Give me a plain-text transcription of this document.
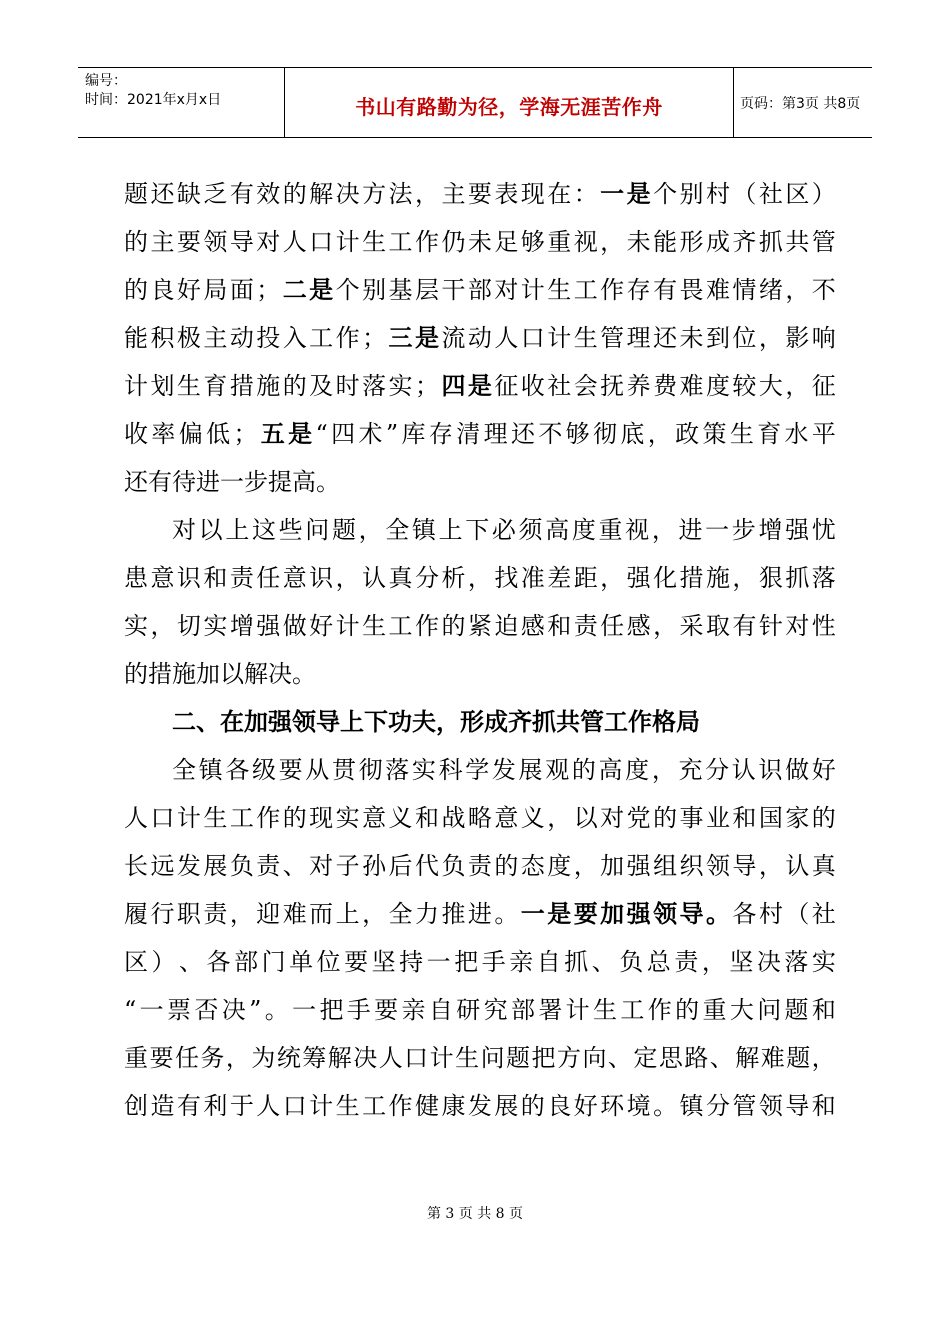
编号：
时间：2021年x月x日	书山有路勤为径，学海无涯苦作舟	页码：第3页 共8页
题 还 缺 乏 有 效 的 解 决 方 法 ， 主 要 表 现 在 ： 一 是 个 别 村 （ 社 区 ）
的 主 要 领 导 对 人 口 计 生 工 作 仍 未 足 够 重 视 ， 未 能 形 成 齐 抓 共 管
的 良 好 局 面 ； 二 是 个 别 基 层 干 部 对 计 生 工 作 存 有 畏 难 情 绪 ， 不
能 积 极 主 动 投 入 工 作 ； 三 是 流 动 人 口 计 生 管 理 还 未 到 位 ， 影 响
计 划 生 育 措 施 的 及 时 落 实 ； 四 是 征 收 社 会 抚 养 费 难 度 较 大 ， 征
收 率 偏 低 ； 五 是 “ 四 术 ” 库 存 清 理 还 不 够 彻 底 ， 政 策 生 育 水 平
还有待进一步提高。
对 以 上 这 些 问 题 ， 全 镇 上 下 必 须 高 度 重 视 ， 进 一 步 增 强 忧
患 意 识 和 责 任 意 识 ， 认 真 分 析 ， 找 准 差 距 ， 强 化 措 施 ， 狠 抓 落
实 ， 切 实 增 强 做 好 计 生 工 作 的 紧 迫 感 和 责 任 感 ， 采 取 有 针 对 性
的措施加以解决。
二、在加强领导上下功夫，形成齐抓共管工作格局
全 镇 各 级 要 从 贯 彻 落 实 科 学 发 展 观 的 高 度 ， 充 分 认 识 做 好
人 口 计 生 工 作 的 现 实 意 义 和 战 略 意 义 ， 以 对 党 的 事 业 和 国 家 的
长 远 发 展 负 责 、 对 子 孙 后 代 负 责 的 态 度 ， 加 强 组 织 领 导 ， 认 真
履 行 职 责 ， 迎 难 而 上 ， 全 力 推 进 。 一 是 要 加 强 领 导 。 各 村 （ 社
区 ） 、 各 部 门 单 位 要 坚 持 一 把 手 亲 自 抓 、 负 总 责 ， 坚 决 落 实
“ 一 票 否 决 ” 。 一 把 手 要 亲 自 研 究 部 署 计 生 工 作 的 重 大 问 题 和
重 要 任 务 ， 为 统 筹 解 决 人 口 计 生 问 题 把 方 向 、 定 思 路 、 解 难 题 ，
创 造 有 利 于 人 口 计 生 工 作 健 康 发 展 的 良 好 环 境 。 镇 分 管 领 导 和
第 3 页 共 8 页
